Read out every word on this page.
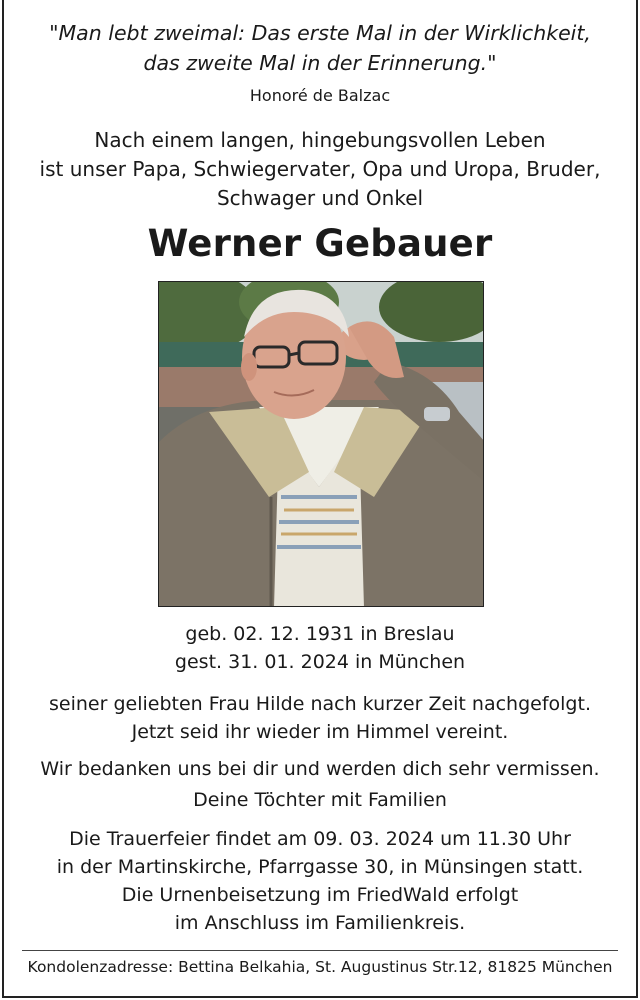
"Man lebt zweimal: Das erste Mal in der Wirklichkeit,
das zweite Mal in der Erinnerung."
Honoré de Balzac
Nach einem langen, hingebungsvollen Leben
ist unser Papa, Schwiegervater, Opa und Uropa, Bruder,
Schwager und Onkel
Werner Gebauer
geb. 02. 12. 1931 in Breslau
gest. 31. 01. 2024 in München
seiner geliebten Frau Hilde nach kurzer Zeit nachgefolgt.
Jetzt seid ihr wieder im Himmel vereint.
Wir bedanken uns bei dir und werden dich sehr vermissen.
Deine Töchter mit Familien
Die Trauerfeier findet am 09. 03. 2024 um 11.30 Uhr
in der Martinskirche, Pfarrgasse 30, in Münsingen statt.
Die Urnenbeisetzung im FriedWald erfolgt
im Anschluss im Familienkreis.
Kondolenzadresse: Bettina Belkahia, St. Augustinus Str.12, 81825 München
